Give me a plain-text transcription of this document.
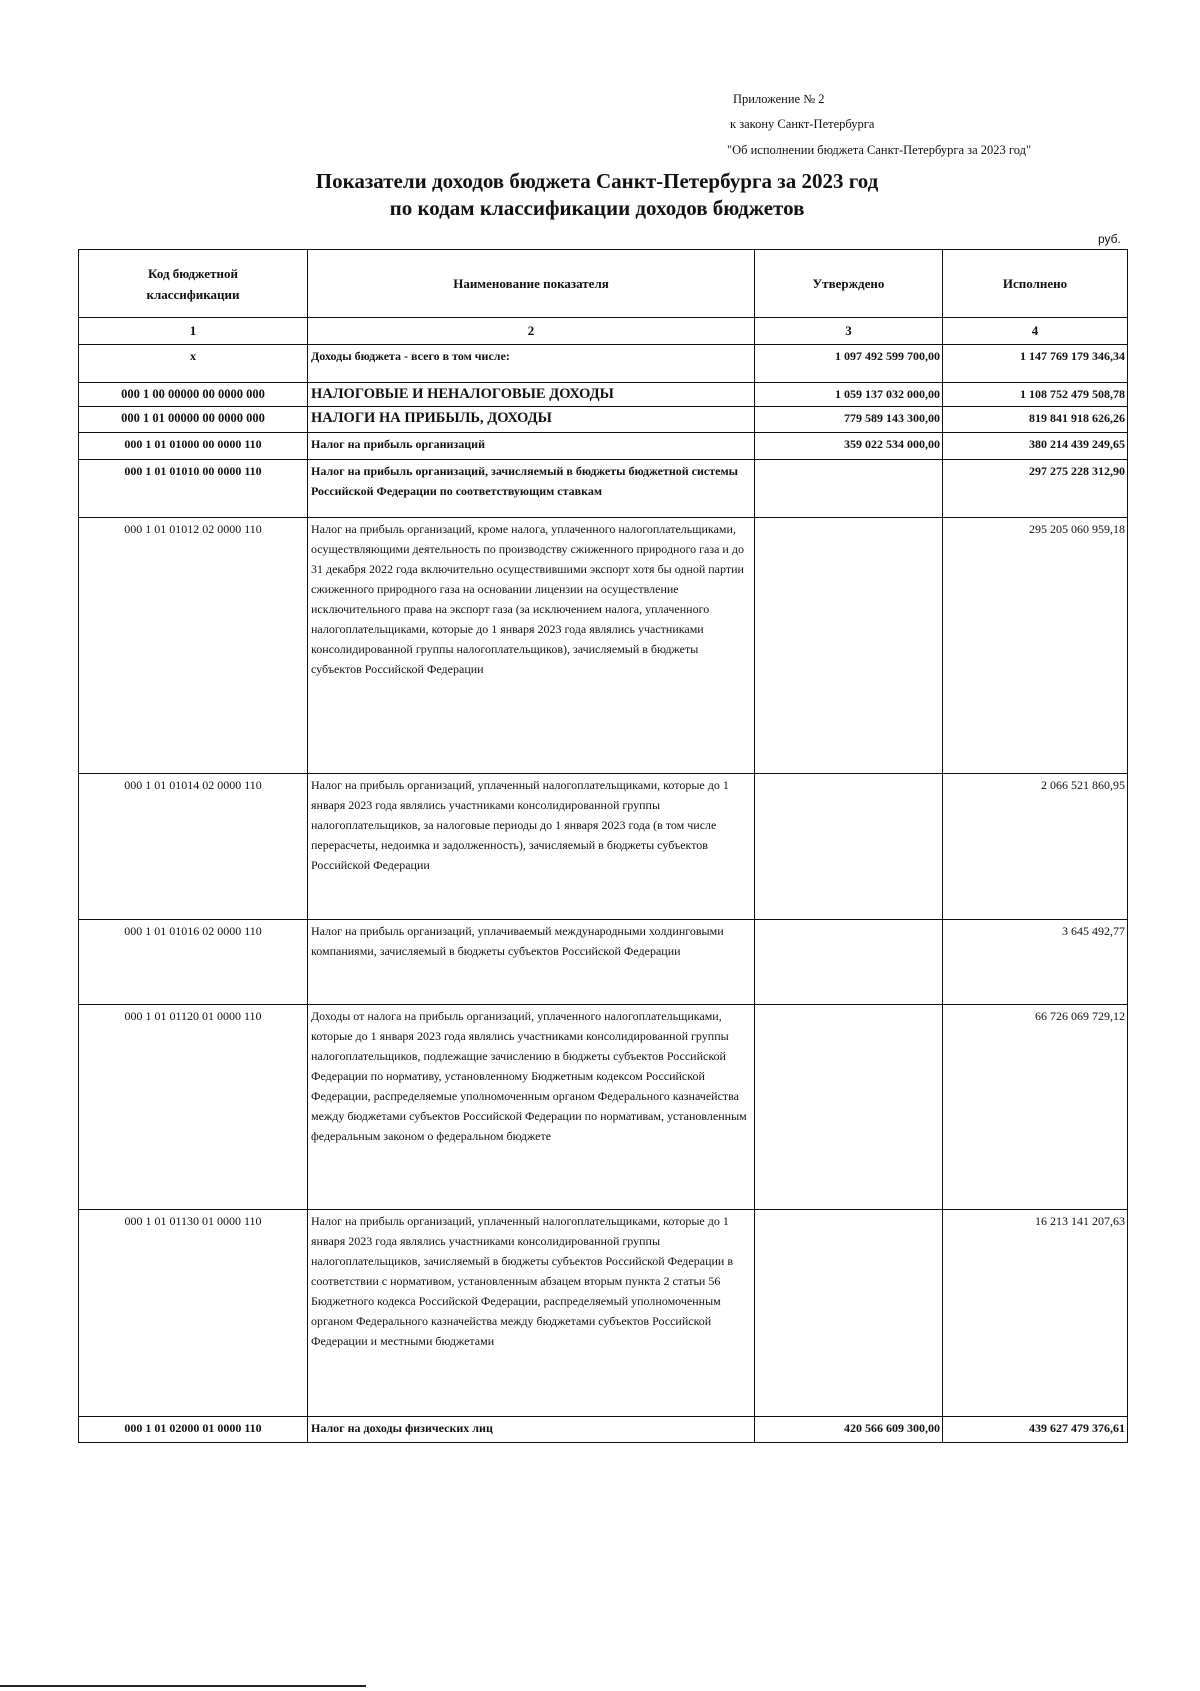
Приложение № 2
к закону Санкт-Петербурга
"Об исполнении бюджета Санкт-Петербурга за 2023 год"
Показатели доходов бюджета Санкт-Петербурга за 2023 год
по кодам классификации доходов бюджетов
руб.
Код бюджетной классификации	Наименование показателя	Утверждено	Исполнено
1	2	3	4
x	Доходы бюджета - всего в том числе:	1 097 492 599 700,00	1 147 769 179 346,34
000 1 00 00000 00 0000 000	НАЛОГОВЫЕ И НЕНАЛОГОВЫЕ ДОХОДЫ	1 059 137 032 000,00	1 108 752 479 508,78
000 1 01 00000 00 0000 000	НАЛОГИ НА ПРИБЫЛЬ, ДОХОДЫ	779 589 143 300,00	819 841 918 626,26
000 1 01 01000 00 0000 110	Налог на прибыль организаций	359 022 534 000,00	380 214 439 249,65
000 1 01 01010 00 0000 110	Налог на прибыль организаций, зачисляемый в бюджеты бюджетной системы Российской Федерации по соответствующим ставкам		297 275 228 312,90
000 1 01 01012 02 0000 110	Налог на прибыль организаций, кроме налога, уплаченного налогоплательщиками, осуществляющими деятельность по производству сжиженного природного газа и до 31 декабря 2022 года включительно осуществившими экспорт хотя бы одной партии сжиженного природного газа на основании лицензии на осуществление исключительного права на экспорт газа (за исключением налога, уплаченного налогоплательщиками, которые до 1 января 2023 года являлись участниками консолидированной группы налогоплательщиков), зачисляемый в бюджеты субъектов Российской Федерации		295 205 060 959,18
000 1 01 01014 02 0000 110	Налог на прибыль организаций, уплаченный налогоплательщиками, которые до 1 января 2023 года являлись участниками консолидированной группы налогоплательщиков, за налоговые периоды до 1 января 2023 года (в том числе перерасчеты, недоимка и задолженность), зачисляемый в бюджеты субъектов Российской Федерации		2 066 521 860,95
000 1 01 01016 02 0000 110	Налог на прибыль организаций, уплачиваемый международными холдинговыми компаниями, зачисляемый в бюджеты субъектов Российской Федерации		3 645 492,77
000 1 01 01120 01 0000 110	Доходы от налога на прибыль организаций, уплаченного налогоплательщиками, которые до 1 января 2023 года являлись участниками консолидированной группы налогоплательщиков, подлежащие зачислению в бюджеты субъектов Российской Федерации по нормативу, установленному Бюджетным кодексом Российской Федерации, распределяемые уполномоченным органом Федерального казначейства между бюджетами субъектов Российской Федерации по нормативам, установленным федеральным законом о федеральном бюджете		66 726 069 729,12
000 1 01 01130 01 0000 110	Налог на прибыль организаций, уплаченный налогоплательщиками, которые до 1 января 2023 года являлись участниками консолидированной группы налогоплательщиков, зачисляемый в бюджеты субъектов Российской Федерации в соответствии с нормативом, установленным абзацем вторым пункта 2 статьи 56 Бюджетного кодекса Российской Федерации, распределяемый уполномоченным органом Федерального казначейства между бюджетами субъектов Российской Федерации и местными бюджетами		16 213 141 207,63
000 1 01 02000 01 0000 110	Налог на доходы физических лиц	420 566 609 300,00	439 627 479 376,61
